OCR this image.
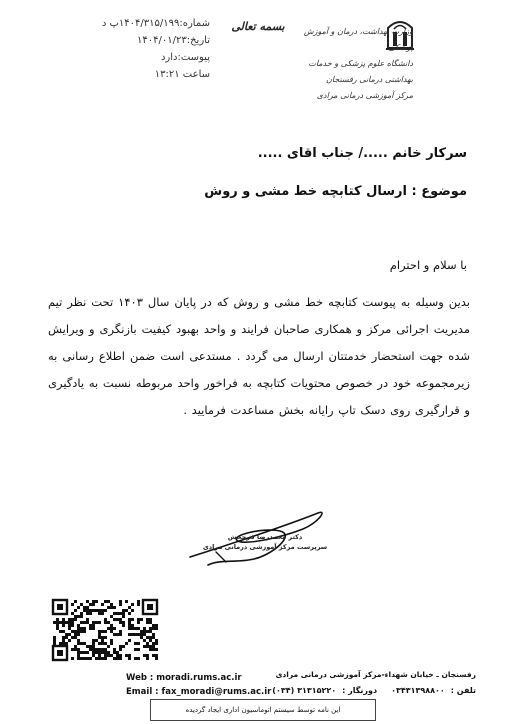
شماره:۱۴۰۴/۳۱۵/۱۹۹پ د
تاریخ:۱۴۰۴/۰۱/۲۳
پیوست:دارد
ساعت ۱۳:۲۱
بسمه تعالی	وزارت بهداشت، درمان و آموزش پزشکی
دانشگاه علوم پزشکی و خدمات بهداشتی درمانی رفسنجان
مرکز آموزشی درمانی مرادی
سرکار خانم ...../ جناب اقای .....
موضوع : ارسال کتابچه خط مشی و روش
با سلام و احترام
بدین وسیله به پیوست کتابچه خط مشی و روش که در پایان سال ۱۴۰۳ تحت نظر تیم مدیریت اجرائی مرکز و همکاری صاحبان فرایند و واحد بهبود کیفیت بازنگری و ویرایش شده جهت استحضار خدمتتان ارسال می گردد . مستدعی است ضمن اطلاع رسانی به زیرمجموعه خود در خصوص محتویات کتابچه به فراخور واحد مربوطه نسبت به یادگیری و قرارگیری روی دسک تاپ رایانه بخش مساعدت فرمایید .
دکتر محمدرضا فرجخش
سرپرست مرکز آموزشی درمانی مرادی
Web : moradi.rums.ac.ir
Email : fax_moradi@rums.ac.ir
رفسنجان ـ خیابان شهداء-مرکز آموزشی درمانی مرادی
تلفن :۰۳۴۳۱۳۹۸۸۰۰دورنگار :۳۱۳۱۵۲۲۰ (۰۳۴)
این نامه توسط سیستم اتوماسیون اداری ایجاد گردیده
